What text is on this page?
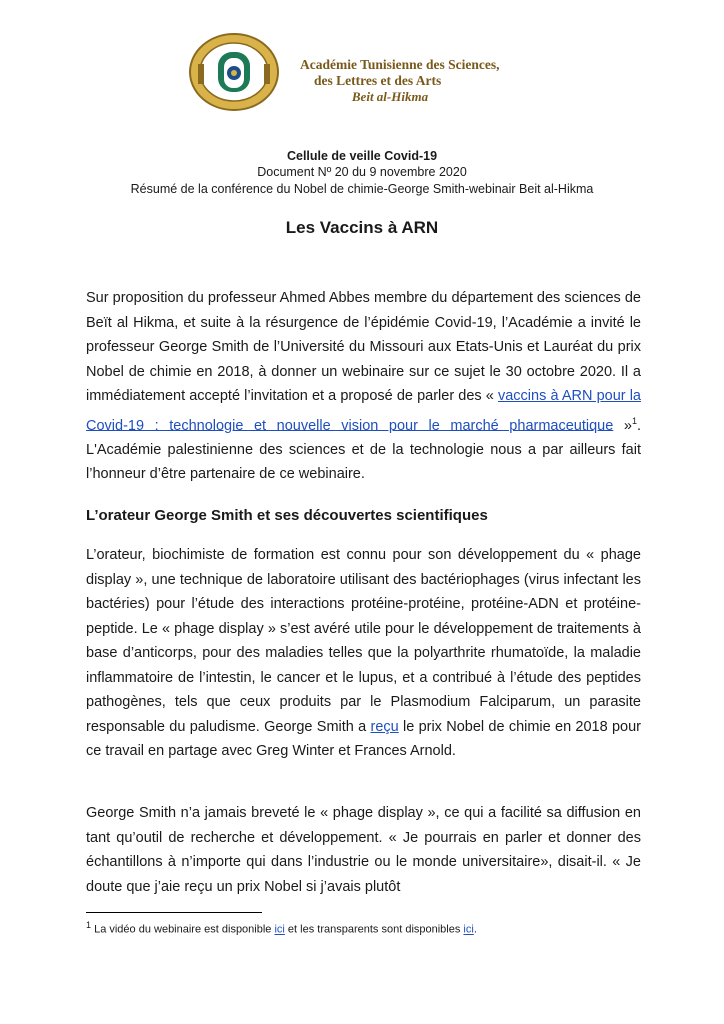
Académie Tunisienne des Sciences,
des Lettres et des Arts
Beit al-Hikma
Cellule de veille Covid-19
Document Nº 20 du 9 novembre 2020
Résumé de la conférence du Nobel de chimie-George Smith-webinair Beit al-Hikma
Les Vaccins à ARN
Sur proposition du professeur Ahmed Abbes membre du département des sciences de Beït al Hikma, et suite à la résurgence de l’épidémie Covid-19, l’Académie a invité le professeur George Smith de l’Université du Missouri aux Etats-Unis et Lauréat du prix Nobel de chimie en 2018, à donner un webinaire sur ce sujet le 30 octobre 2020. Il a immédiatement accepté l’invitation et a proposé de parler des « vaccins à ARN pour la Covid-19 : technologie et nouvelle vision pour le marché pharmaceutique »$^1$. L'Académie palestinienne des sciences et de la technologie nous a par ailleurs fait l’honneur d’être partenaire de ce webinaire.
L’orateur George Smith et ses découvertes scientifiques
L’orateur, biochimiste de formation est connu pour son développement du « phage display », une technique de laboratoire utilisant des bactériophages (virus infectant les bactéries) pour l’étude des interactions protéine-protéine, protéine-ADN et protéine-peptide. Le « phage display » s’est avéré utile pour le développement de traitements à base d’anticorps, pour des maladies telles que la polyarthrite rhumatoïde, la maladie inflammatoire de l’intestin, le cancer et le lupus, et a contribué à l’étude des peptides pathogènes, tels que ceux produits par le Plasmodium Falciparum, un parasite responsable du paludisme. George Smith a reçu le prix Nobel de chimie en 2018 pour ce travail en partage avec Greg Winter et Frances Arnold.
George Smith n’a jamais breveté le « phage display », ce qui a facilité sa diffusion en tant qu’outil de recherche et développement. « Je pourrais en parler et donner des échantillons à n’importe qui dans l’industrie ou le monde universitaire», disait-il. « Je doute que j’aie reçu un prix Nobel si j’avais plutôt
$^1$ La vidéo du webinaire est disponible ici et les transparents sont disponibles ici.
